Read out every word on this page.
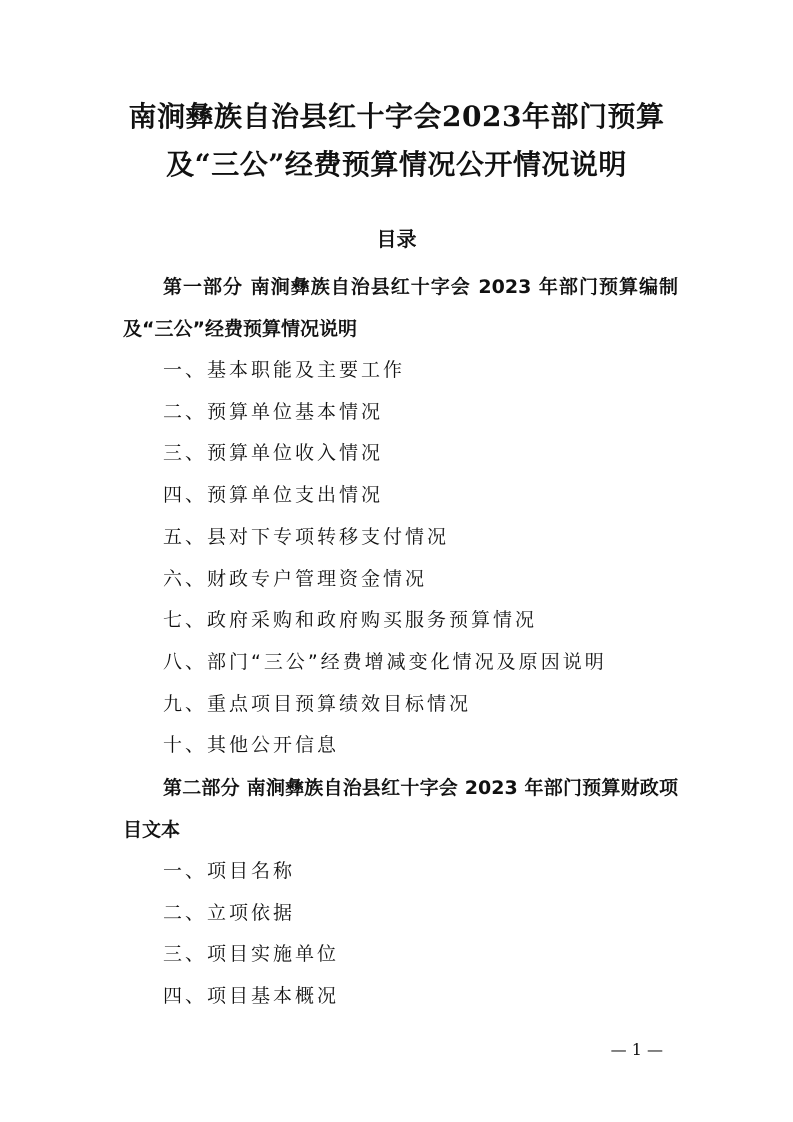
南涧彝族自治县红十字会2023年部门预算及“三公”经费预算情况公开情况说明
目录

第一部分 南涧彝族自治县红十字会 2023 年部门预算编制及“三公”经费预算情况说明

一、基本职能及主要工作
二、预算单位基本情况
三、预算单位收入情况
四、预算单位支出情况
五、县对下专项转移支付情况
六、财政专户管理资金情况
七、政府采购和政府购买服务预算情况
八、部门“三公”经费增减变化情况及原因说明
九、重点项目预算绩效目标情况
十、其他公开信息

第二部分 南涧彝族自治县红十字会 2023 年部门预算财政项目文本

一、项目名称
二、立项依据
三、项目实施单位
四、项目基本概况
— 1 —
